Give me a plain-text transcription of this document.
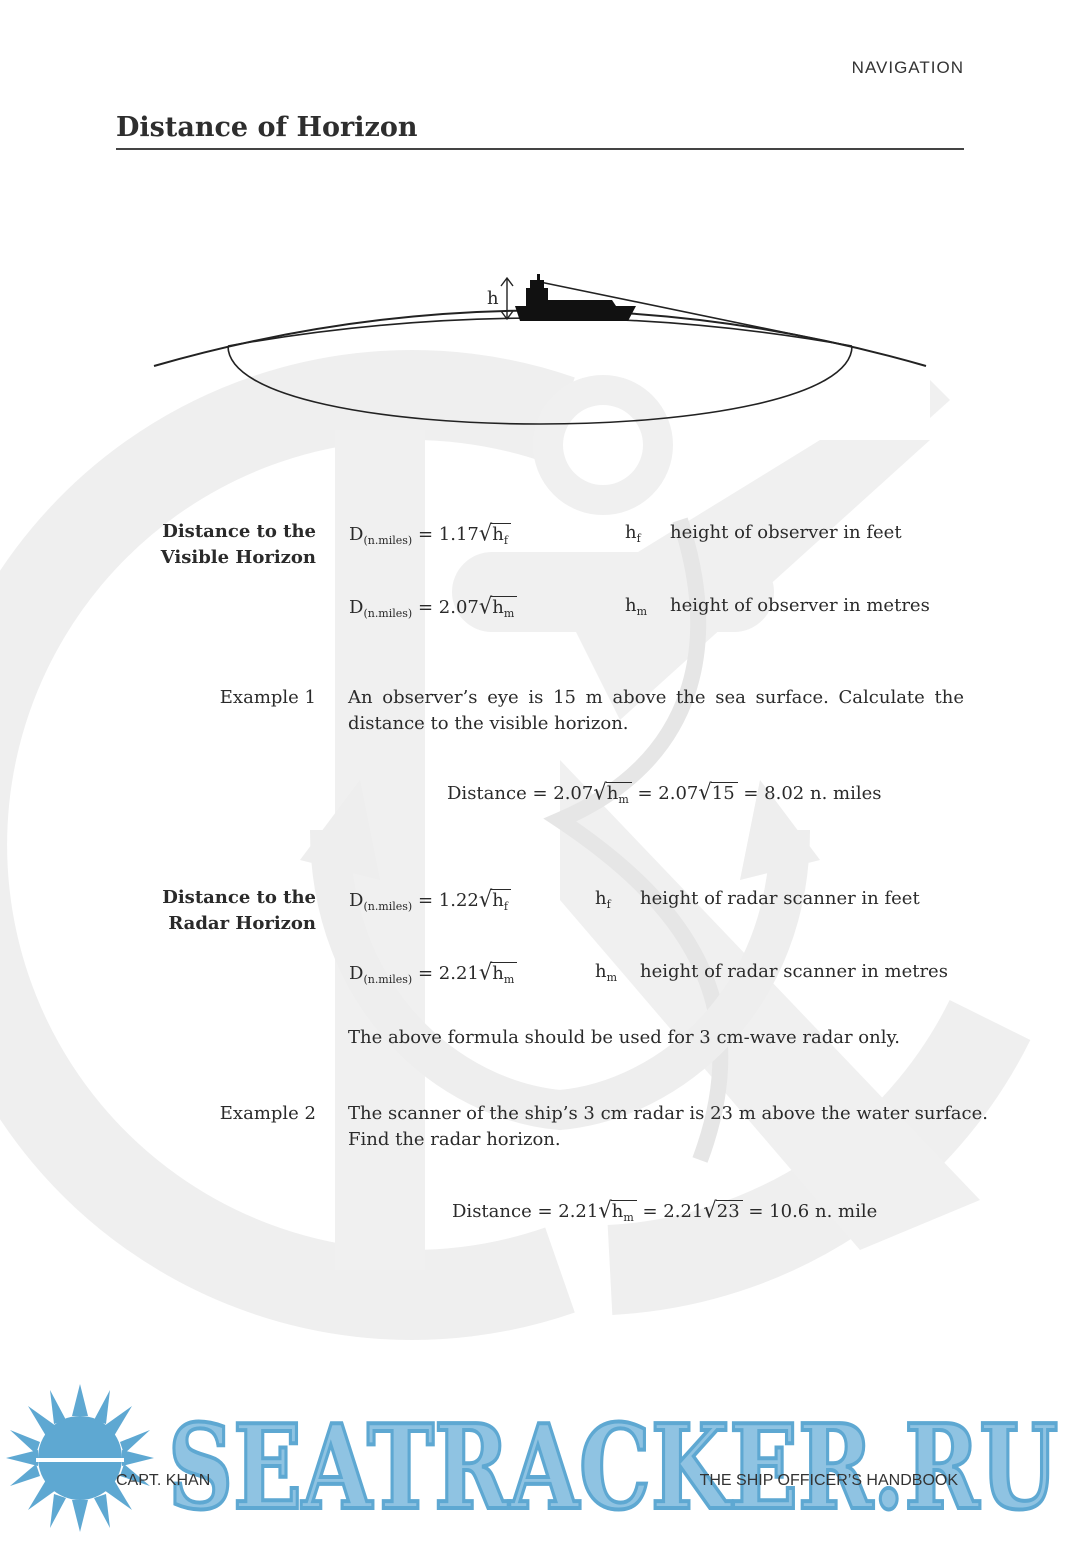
NAVIGATION
Distance of Horizon
h
Distance to the
Visible Horizon
$D_{(n.miles)} = 1.17√h_f$	$h_f$ height of observer in feet
$D_{(n.miles)} = 2.07√h_m$	$h_m$ height of observer in metres
Example 1 An observer’s eye is 15 m above the sea surface. Calculate the distance to the visible horizon.
Distance = $2.07√h_m = 2.07√15 = 8.02$ n. miles
Distance to the
Radar Horizon
$D_{(n.miles)} = 1.22√h_f$	$h_f$ height of radar scanner in feet
$D_{(n.miles)} = 2.21√h_m$	$h_m$ height of radar scanner in metres
The above formula should be used for 3 cm-wave radar only.
Example 2 The scanner of the ship’s 3 cm radar is 23 m above the water surface.
Find the radar horizon.
Distance = $2.21√h_m = 2.21√23 = 10.6$ n. mile
SEATRACKER.RU
CAPT. KHAN	THE SHIP OFFICER’S HANDBOOK
